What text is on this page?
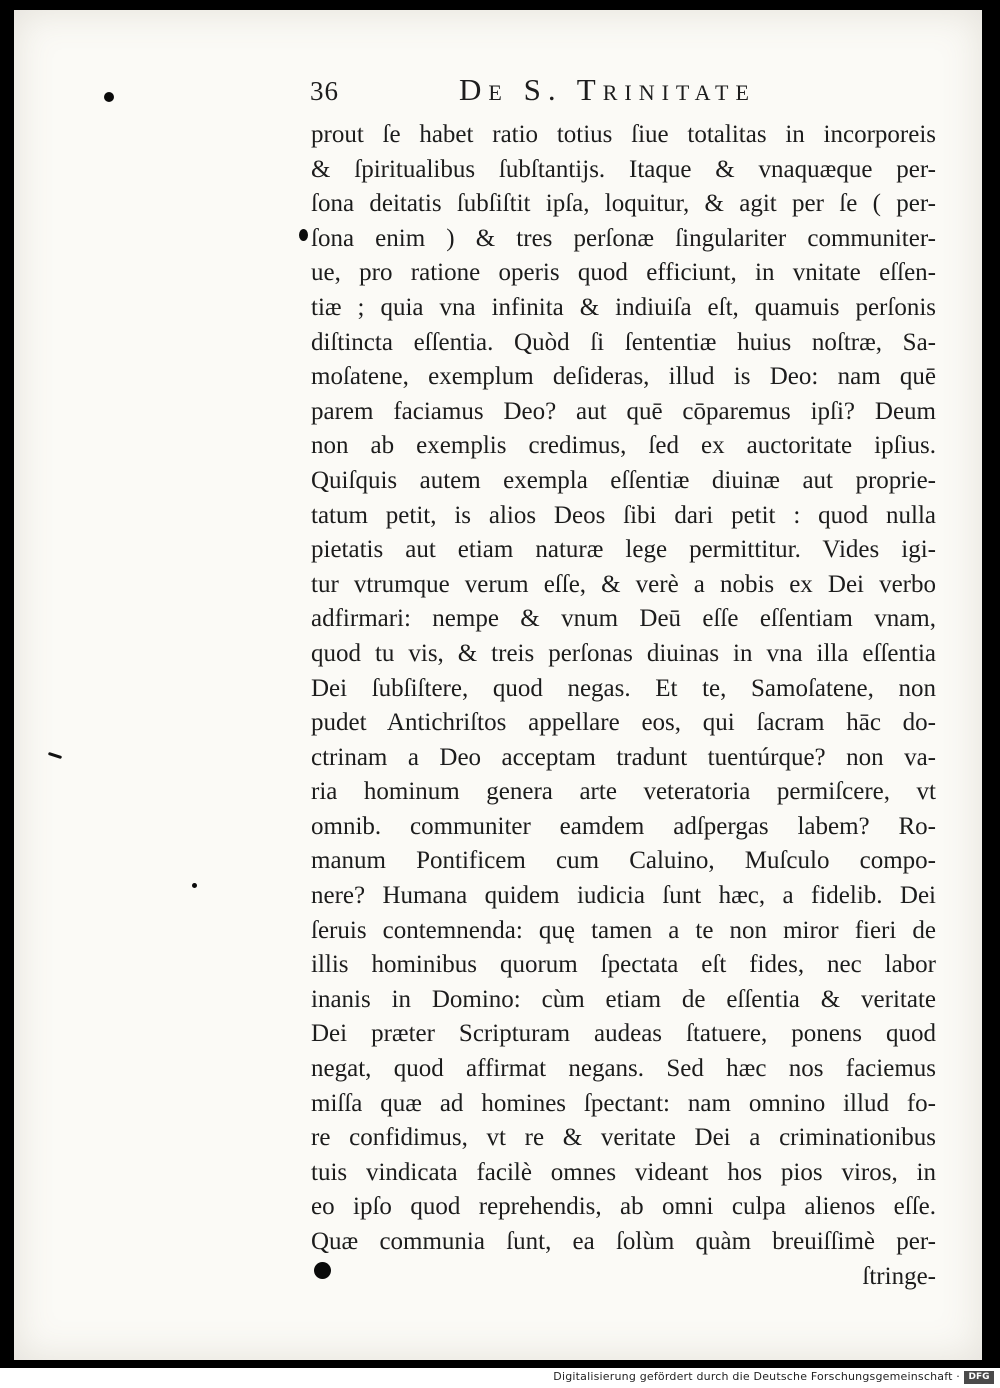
36	De S. Trinitate
prout ſe habet ratio totius ſiue totalitas in incorporeis
& ſpiritualibus ſubſtantijs. Itaque & vnaquæque per-
ſona deitatis ſubſiſtit ipſa, loquitur, & agit per ſe ( per-
ſona enim ) & tres perſonæ ſingulariter communiter-
ue, pro ratione operis quod efficiunt, in vnitate eſſen-
tiæ ; quia vna infinita & indiuiſa eſt, quamuis perſonis
diſtincta eſſentia. Quòd ſi ſententiæ huius noſtræ, Sa-
moſatene, exemplum deſideras, illud is Deo: nam quē
parem faciamus Deo? aut quē cōparemus ipſi? Deum
non ab exemplis credimus, ſed ex auctoritate ipſius.
Quiſquis autem exempla eſſentiæ diuinæ aut proprie-
tatum petit, is alios Deos ſibi dari petit : quod nulla
pietatis aut etiam naturæ lege permittitur. Vides igi-
tur vtrumque verum eſſe, & verè a nobis ex Dei verbo
adfirmari: nempe & vnum Deū eſſe eſſentiam vnam,
quod tu vis, & treis perſonas diuinas in vna illa eſſentia
Dei ſubſiſtere, quod negas. Et te, Samoſatene, non
pudet Antichriſtos appellare eos, qui ſacram hāc do-
ctrinam a Deo acceptam tradunt tuentúrque? non va-
ria hominum genera arte veteratoria permiſcere, vt
omnib. communiter eamdem adſpergas labem? Ro-
manum Pontificem cum Caluino, Muſculo compo-
nere? Humana quidem iudicia ſunt hæc, a fidelib. Dei
ſeruis contemnenda: quę tamen a te non miror fieri de
illis hominibus quorum ſpectata eſt fides, nec labor
inanis in Domino: cùm etiam de eſſentia & veritate
Dei præter Scripturam audeas ſtatuere, ponens quod
negat, quod affirmat negans. Sed hæc nos faciemus
miſſa quæ ad homines ſpectant: nam omnino illud fo-
re confidimus, vt re & veritate Dei a criminationibus
tuis vindicata facilè omnes videant hos pios viros, in
eo ipſo quod reprehendis, ab omni culpa alienos eſſe.
Quæ communia ſunt, ea ſolùm quàm breuiſſimè per-
ſtringe-
Digitalisierung gefördert durch die Deutsche Forschungsgemeinschaft · DFG
